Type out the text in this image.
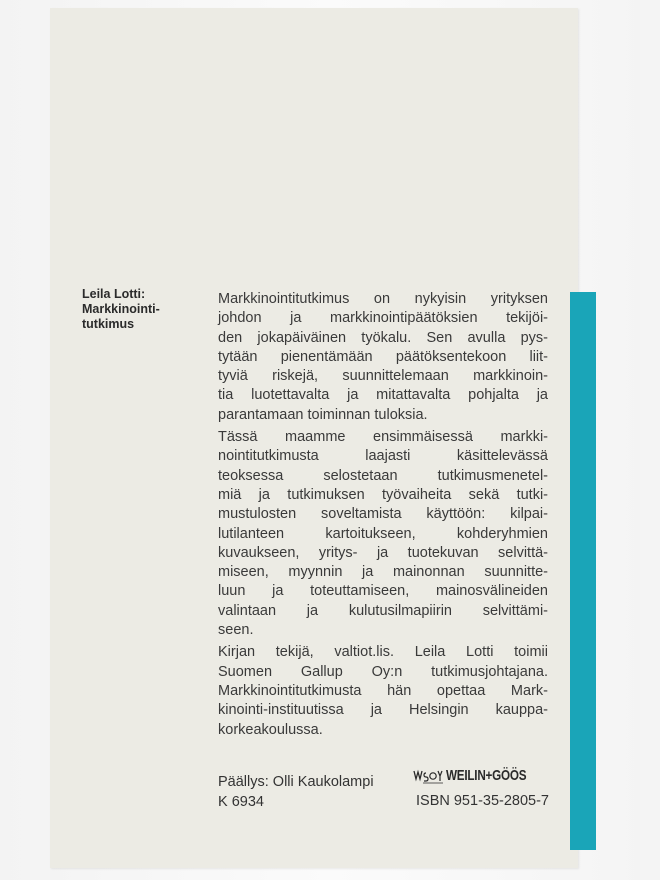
Leila Lotti:
Markkinointi-
tutkimus
Markkinointitutkimus on nykyisin yrityksen
johdon ja markkinointipäätöksien tekijöi-
den jokapäiväinen työkalu. Sen avulla pys-
tytään pienentämään päätöksentekoon liit-
tyviä riskejä, suunnittelemaan markkinoin-
tia luotettavalta ja mitattavalta pohjalta ja
parantamaan toiminnan tuloksia.
Tässä maamme ensimmäisessä markki-
nointitutkimusta laajasti käsittelevässä
teoksessa selostetaan tutkimusmenetel-
miä ja tutkimuksen työvaiheita sekä tutki-
mustulosten soveltamista käyttöön: kilpai-
lutilanteen kartoitukseen, kohderyhmien
kuvaukseen, yritys- ja tuotekuvan selvittä-
miseen, myynnin ja mainonnan suunnitte-
luun ja toteuttamiseen, mainosvälineiden
valintaan ja kulutusilmapiirin selvittämi-
seen.
Kirjan tekijä, valtiot.lis. Leila Lotti toimii
Suomen Gallup Oy:n tutkimusjohtajana.
Markkinointitutkimusta hän opettaa Mark-
kinointi-instituutissa ja Helsingin kauppa-
korkeakoulussa.
Päällys: Olli Kaukolampi
K 6934
WEILIN+GÖÖS
ISBN 951-35-2805-7
